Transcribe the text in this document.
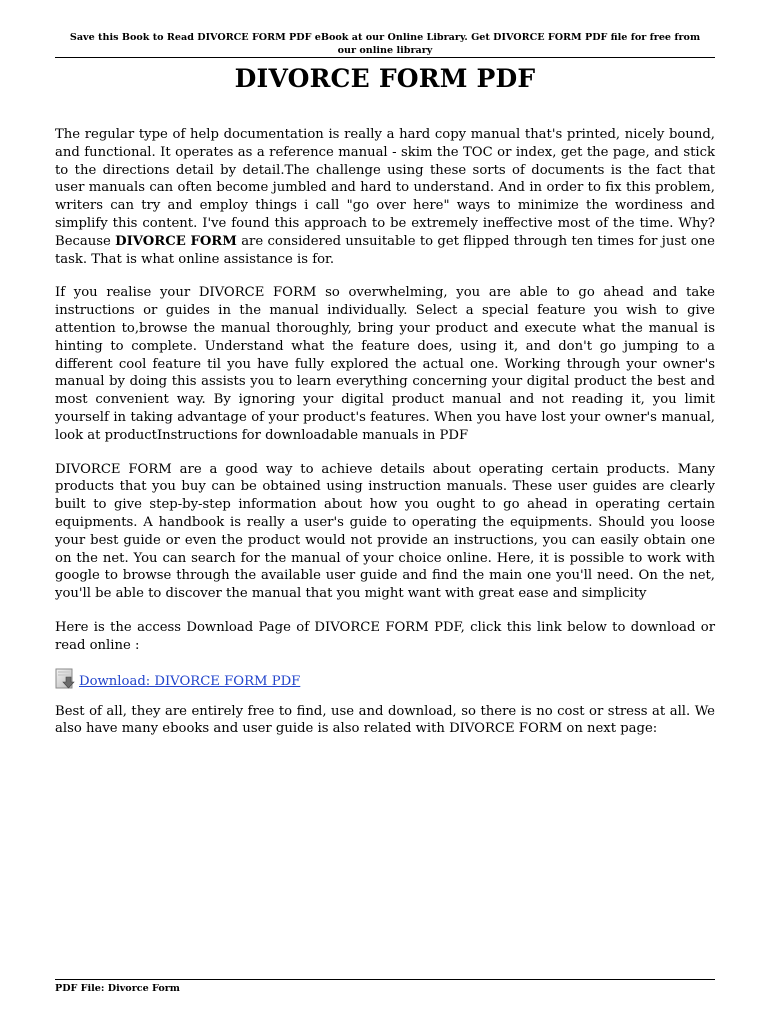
Save this Book to Read DIVORCE FORM PDF eBook at our Online Library. Get DIVORCE FORM PDF file for free from our online library
DIVORCE FORM PDF

The regular type of help documentation is really a hard copy manual that's printed, nicely bound, and functional. It operates as a reference manual - skim the TOC or index, get the page, and stick to the directions detail by detail.The challenge using these sorts of documents is the fact that user manuals can often become jumbled and hard to understand. And in order to fix this problem, writers can try and employ things i call "go over here" ways to minimize the wordiness and simplify this content. I've found this approach to be extremely ineffective most of the time. Why? Because DIVORCE FORM are considered unsuitable to get flipped through ten times for just one task. That is what online assistance is for.

If you realise your DIVORCE FORM so overwhelming, you are able to go ahead and take instructions or guides in the manual individually. Select a special feature you wish to give attention to,browse the manual thoroughly, bring your product and execute what the manual is hinting to complete. Understand what the feature does, using it, and don't go jumping to a different cool feature til you have fully explored the actual one. Working through your owner's manual by doing this assists you to learn everything concerning your digital product the best and most convenient way. By ignoring your digital product manual and not reading it, you limit yourself in taking advantage of your product's features. When you have lost your owner's manual, look at productInstructions for downloadable manuals in PDF

DIVORCE FORM are a good way to achieve details about operating certain products. Many products that you buy can be obtained using instruction manuals. These user guides are clearly built to give step-by-step information about how you ought to go ahead in operating certain equipments. A handbook is really a user's guide to operating the equipments. Should you loose your best guide or even the product would not provide an instructions, you can easily obtain one on the net. You can search for the manual of your choice online. Here, it is possible to work with google to browse through the available user guide and find the main one you'll need. On the net, you'll be able to discover the manual that you might want with great ease and simplicity

Here is the access Download Page of DIVORCE FORM PDF, click this link below to download or read online :

Download: DIVORCE FORM PDF

Best of all, they are entirely free to find, use and download, so there is no cost or stress at all. We also have many ebooks and user guide is also related with DIVORCE FORM on next page:

PDF File: Divorce Form
